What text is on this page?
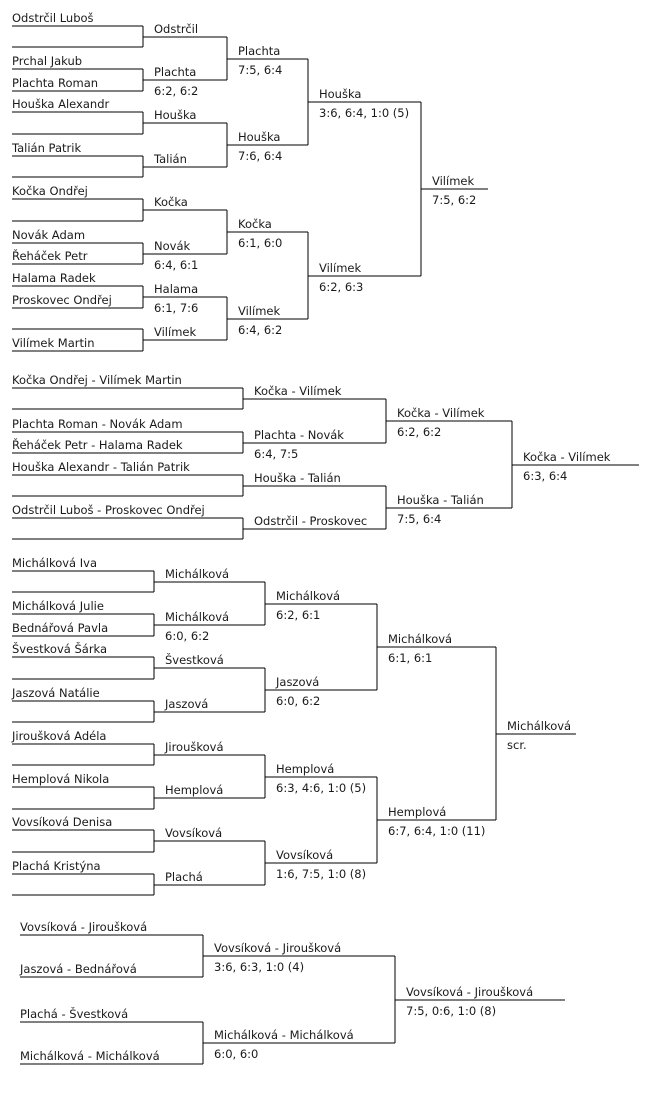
Odstrčil Luboš
Odstrčil
Prchal Jakub
Plachta Roman
Plachta
6:2, 6:2
Houška Alexandr
Houška
Talián Patrik
Talián
Kočka Ondřej
Kočka
Novák Adam
Řeháček Petr
Novák
6:4, 6:1
Halama Radek
Proskovec Ondřej
Halama
6:1, 7:6
Vilímek Martin
Vilímek
Plachta
7:5, 6:4
Houška
7:6, 6:4
Kočka
6:1, 6:0
Vilímek
6:4, 6:2
Houška
3:6, 6:4, 1:0 (5)
Vilímek
6:2, 6:3
Vilímek
7:5, 6:2
Kočka Ondřej - Vilímek Martin
Kočka - Vilímek
Plachta Roman - Novák Adam
Řeháček Petr - Halama Radek
Plachta - Novák
6:4, 7:5
Houška Alexandr - Talián Patrik
Houška - Talián
Odstrčil Luboš - Proskovec Ondřej
Odstrčil - Proskovec
Kočka - Vilímek
6:2, 6:2
Houška - Talián
7:5, 6:4
Kočka - Vilímek
6:3, 6:4
Michálková Iva
Michálková
Michálková Julie
Bednářová Pavla
Michálková
6:0, 6:2
Švestková Šárka
Švestková
Jaszová Natálie
Jaszová
Jiroušková Adéla
Jiroušková
Hemplová Nikola
Hemplová
Vovsíková Denisa
Vovsíková
Plachá Kristýna
Plachá
Michálková
6:2, 6:1
Jaszová
6:0, 6:2
Hemplová
6:3, 4:6, 1:0 (5)
Vovsíková
1:6, 7:5, 1:0 (8)
Michálková
6:1, 6:1
Hemplová
6:7, 6:4, 1:0 (11)
Michálková
scr.
Vovsíková - Jiroušková
Jaszová - Bednářová
Vovsíková - Jiroušková
3:6, 6:3, 1:0 (4)
Plachá - Švestková
Michálková - Michálková
Michálková - Michálková
6:0, 6:0
Vovsíková - Jiroušková
7:5, 0:6, 1:0 (8)
